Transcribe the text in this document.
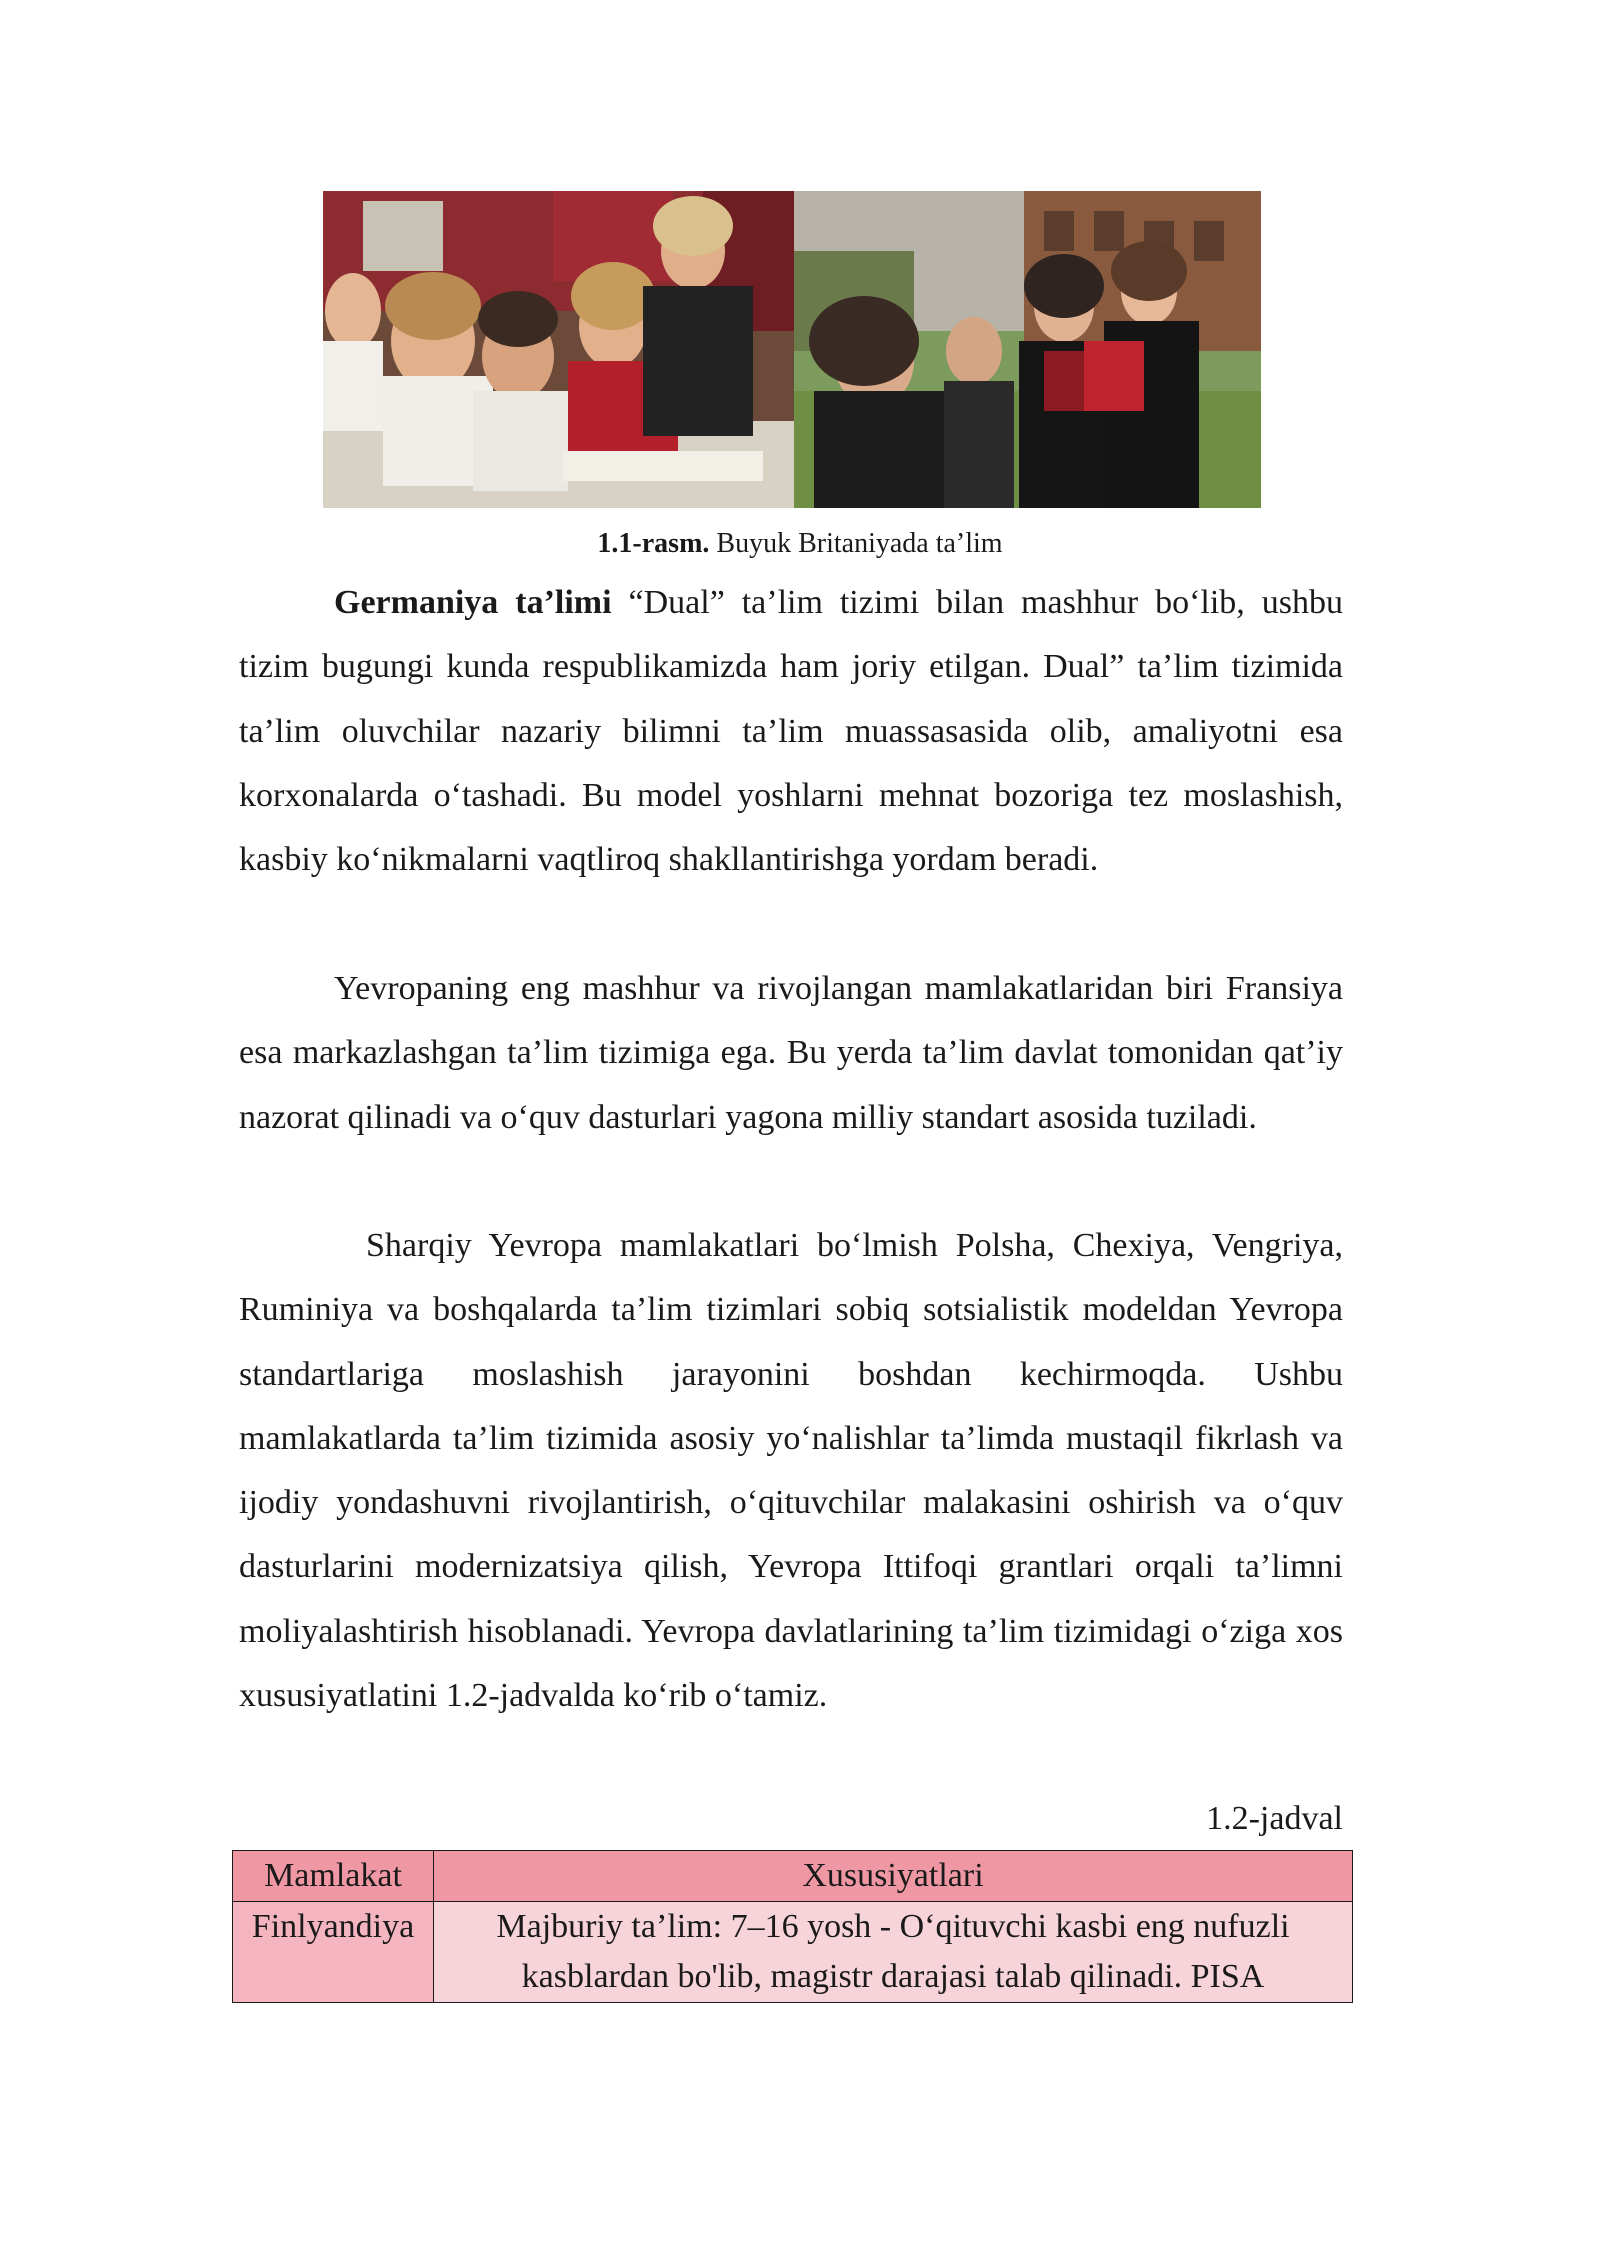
1.1-rasm. Buyuk Britaniyada ta’lim

Germaniya ta’limi “Dual” ta’lim tizimi bilan mashhur bo‘lib, ushbu tizim bugungi kunda respublikamizda ham joriy etilgan. Dual” ta’lim tizimida ta’lim oluvchilar nazariy bilimni ta’lim muassasasida olib, amaliyotni esa korxonalarda o‘tashadi. Bu model yoshlarni mehnat bozoriga tez moslashish, kasbiy ko‘nikmalarni vaqtliroq shakllantirishga yordam beradi.

Yevropaning eng mashhur va rivojlangan mamlakatlaridan biri Fransiya esa markazlashgan ta’lim tizimiga ega. Bu yerda ta’lim davlat tomonidan qat’iy nazorat qilinadi va o‘quv dasturlari yagona milliy standart asosida tuziladi.

Sharqiy Yevropa mamlakatlari bo‘lmish Polsha, Chexiya, Vengriya, Ruminiya va boshqalarda ta’lim tizimlari sobiq sotsialistik modeldan Yevropa standartlariga moslashish jarayonini boshdan kechirmoqda. Ushbu mamlakatlarda ta’lim tizimida asosiy yo‘nalishlar ta’limda mustaqil fikrlash va ijodiy yondashuvni rivojlantirish, o‘qituvchilar malakasini oshirish va o‘quv dasturlarini modernizatsiya qilish, Yevropa Ittifoqi grantlari orqali ta’limni moliyalashtirish hisoblanadi. Yevropa davlatlarining ta’lim tizimidagi o‘ziga xos xususiyatlatini 1.2-jadvalda ko‘rib o‘tamiz.

1.2-jadval
Mamlakat	Xususiyatlari
Finlyandiya	Majburiy ta’lim: 7–16 yosh - O‘qituvchi kasbi eng nufuzli kasblardan bo'lib, magistr darajasi talab qilinadi. PISA
